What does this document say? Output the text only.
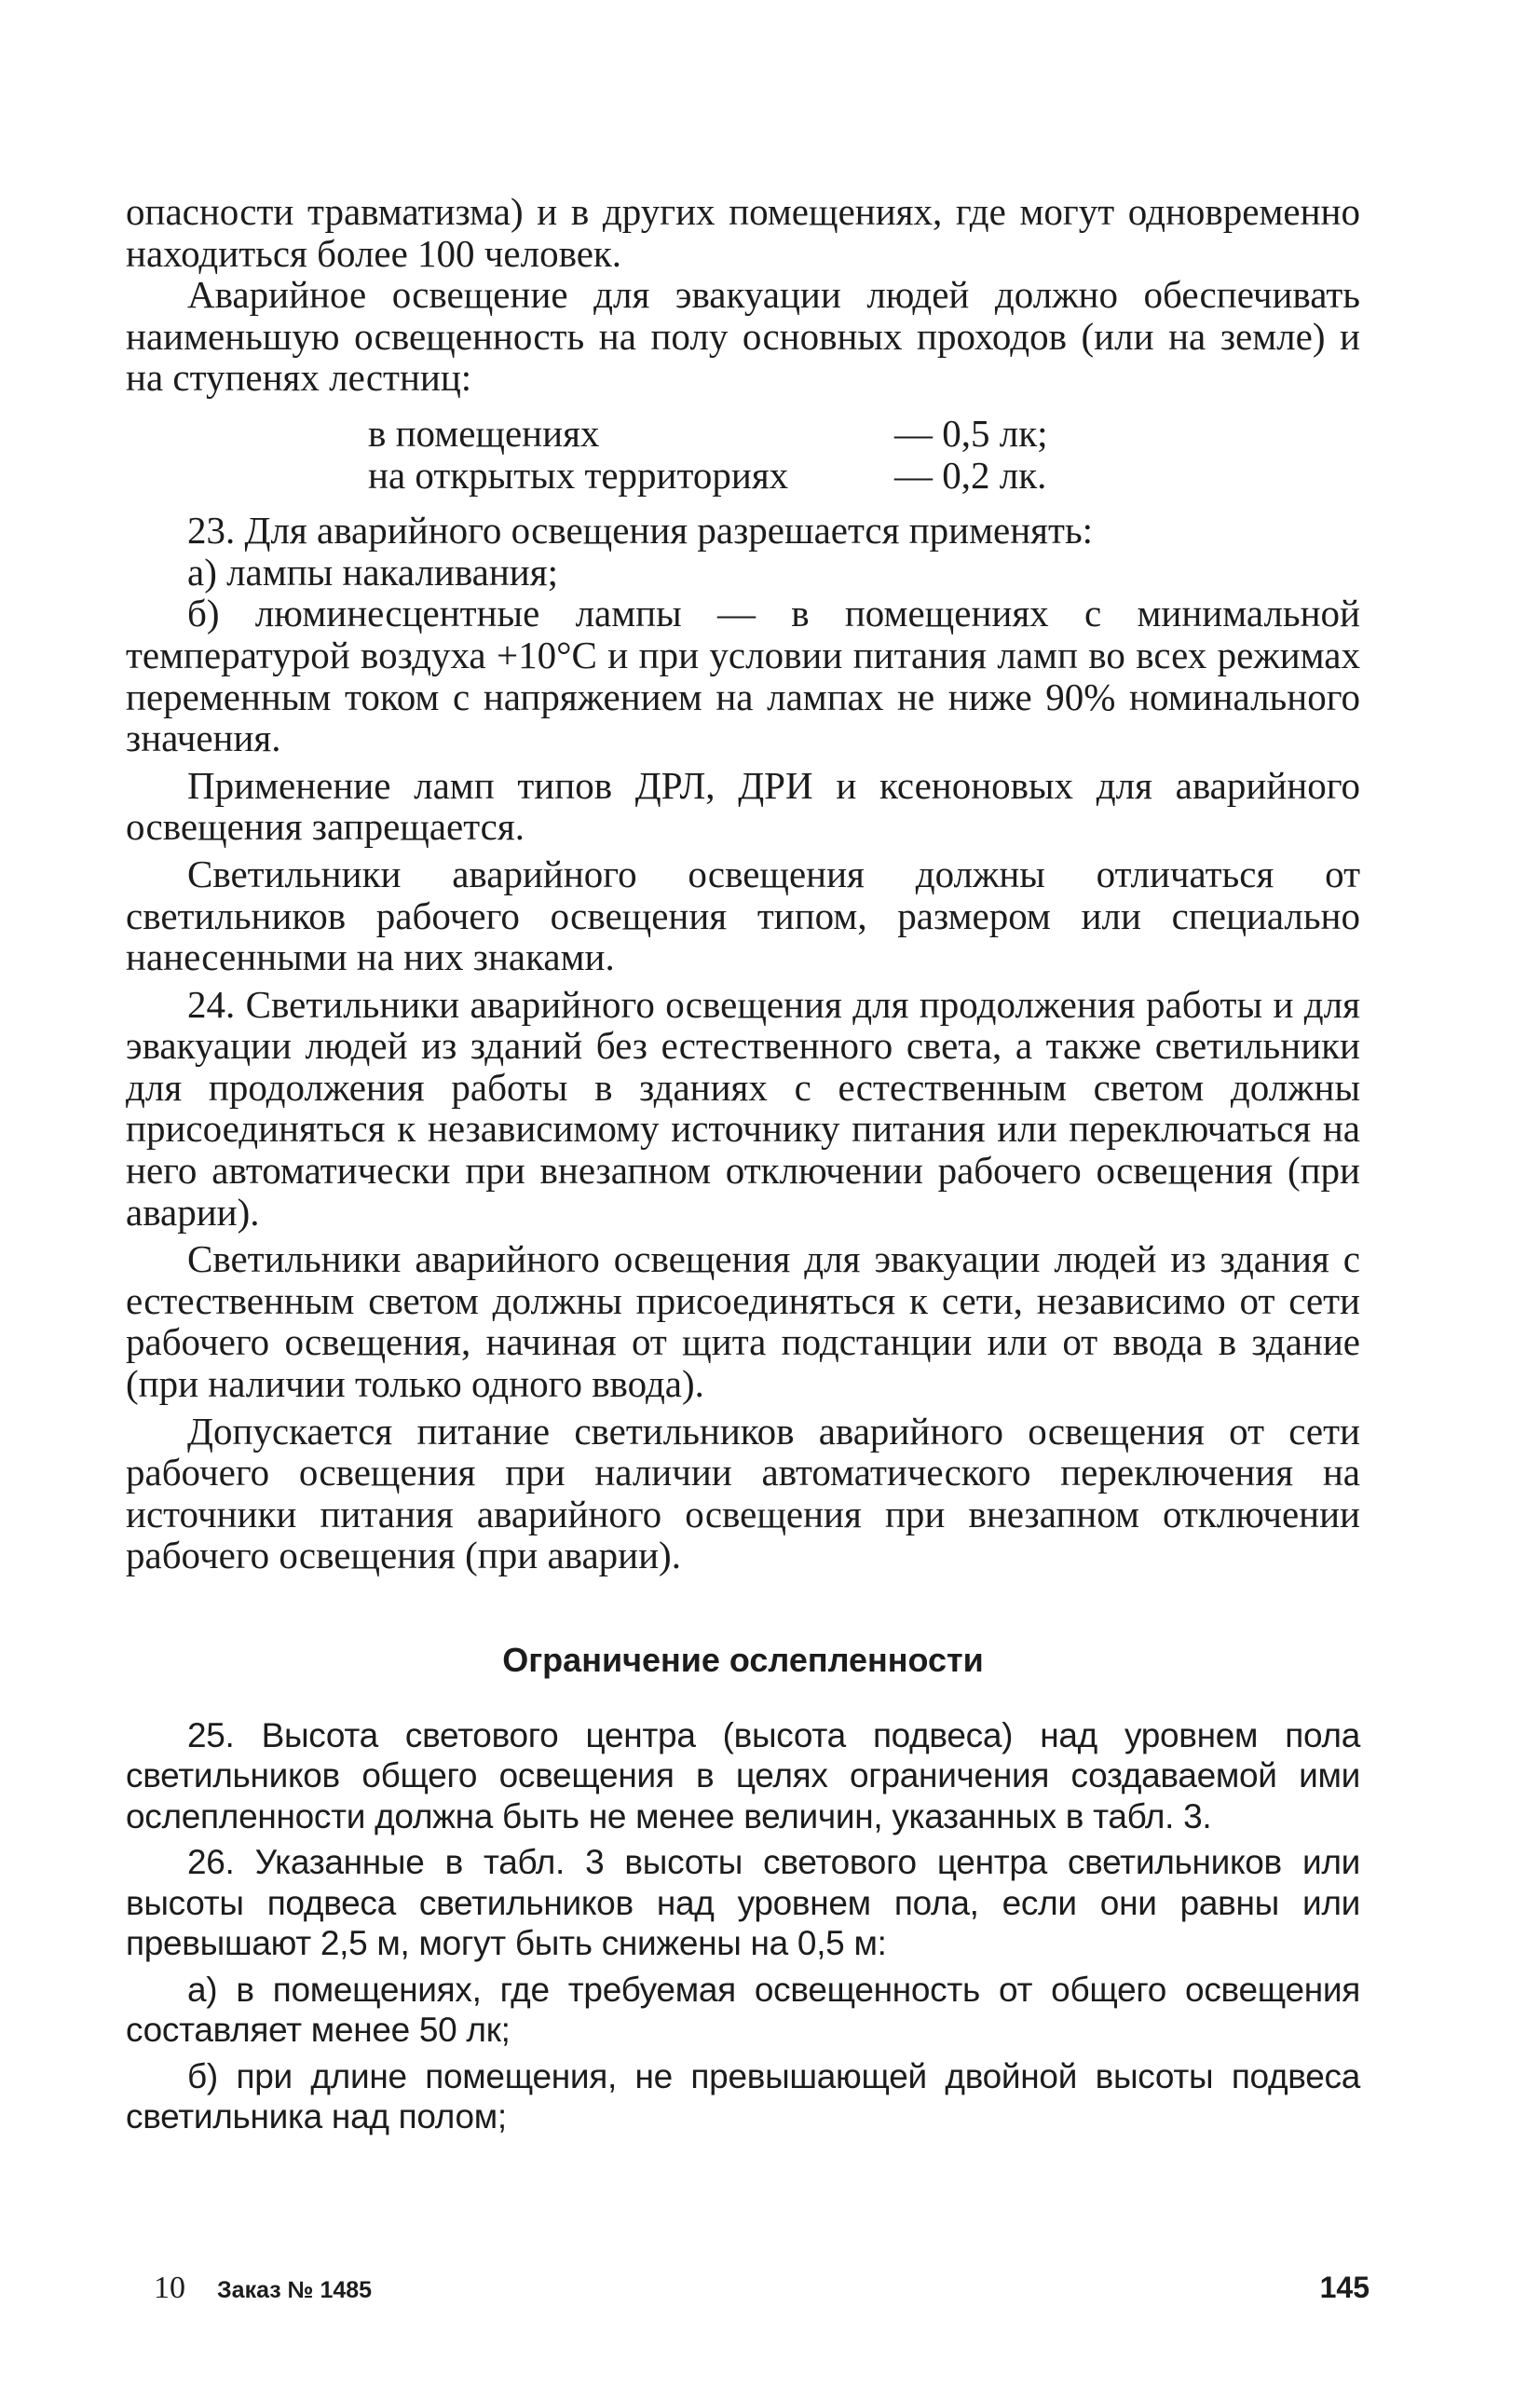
опасности травматизма) и в других помещениях, где могут одновременно находиться более 100 человек.

Аварийное освещение для эвакуации людей должно обеспечивать наименьшую освещенность на полу основных проходов (или на земле) и на ступенях лестниц:

в помещениях	— 0,5 лк;
на открытых территориях	— 0,2 лк.

23. Для аварийного освещения разрешается применять:

а) лампы накаливания;

б) люминесцентные лампы — в помещениях с минимальной температурой воздуха +10°С и при условии питания ламп во всех режимах переменным током с напряжением на лампах не ниже 90% номинального значения.

Применение ламп типов ДРЛ, ДРИ и ксеноновых для аварийного освещения запрещается.

Светильники аварийного освещения должны отличаться от светильников рабочего освещения типом, размером или специально нанесенными на них знаками.

24. Светильники аварийного освещения для продолжения работы и для эвакуации людей из зданий без естественного света, а также светильники для продолжения работы в зданиях с естественным светом должны присоединяться к независимому источнику питания или переключаться на него автоматически при внезапном отключении рабочего освещения (при аварии).

Светильники аварийного освещения для эвакуации людей из здания с естественным светом должны присоединяться к сети, независимо от сети рабочего освещения, начиная от щита подстанции или от ввода в здание (при наличии только одного ввода).

Допускается питание светильников аварийного освещения от сети рабочего освещения при наличии автоматического переключения на источники питания аварийного освещения при внезапном отключении рабочего освещения (при аварии).

Ограничение ослепленности

25. Высота светового центра (высота подвеса) над уровнем пола светильников общего освещения в целях ограничения создаваемой ими ослепленности должна быть не менее величин, указанных в табл. 3.

26. Указанные в табл. 3 высоты светового центра светильников или высоты подвеса светильников над уровнем пола, если они равны или превышают 2,5 м, могут быть снижены на 0,5 м:

а) в помещениях, где требуемая освещенность от общего освещения составляет менее 50 лк;

б) при длине помещения, не превышающей двойной высоты подвеса светильника над полом;

10 Заказ № 1485	145
